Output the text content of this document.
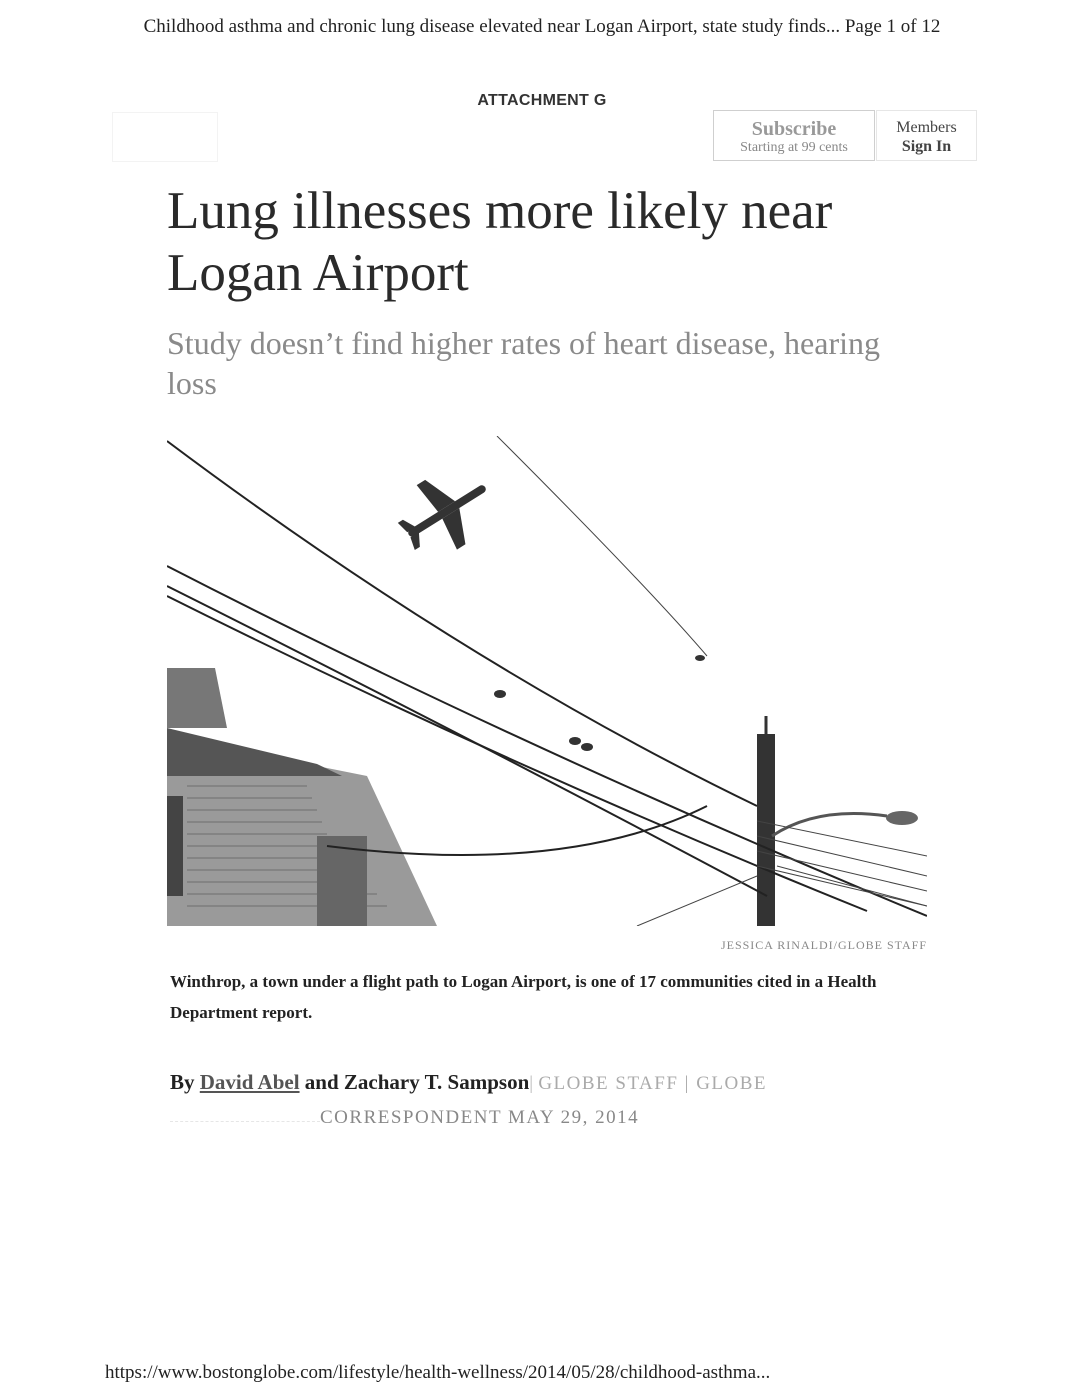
Childhood asthma and chronic lung disease elevated near Logan Airport, state study finds... Page 1 of 12
ATTACHMENT G
Subscribe
Starting at 99 cents
Members
Sign In
Lung illnesses more likely near Logan Airport
Study doesn’t find higher rates of heart disease, hearing loss
JESSICA RINALDI/GLOBE STAFF
Winthrop, a town under a flight path to Logan Airport, is one of 17 communities cited in a Health Department report.
By David Abel and Zachary T. Sampson| GLOBE STAFF | GLOBE
CORRESPONDENT MAY 29, 2014
https://www.bostonglobe.com/lifestyle/health-wellness/2014/05/28/childhood-asthma...
